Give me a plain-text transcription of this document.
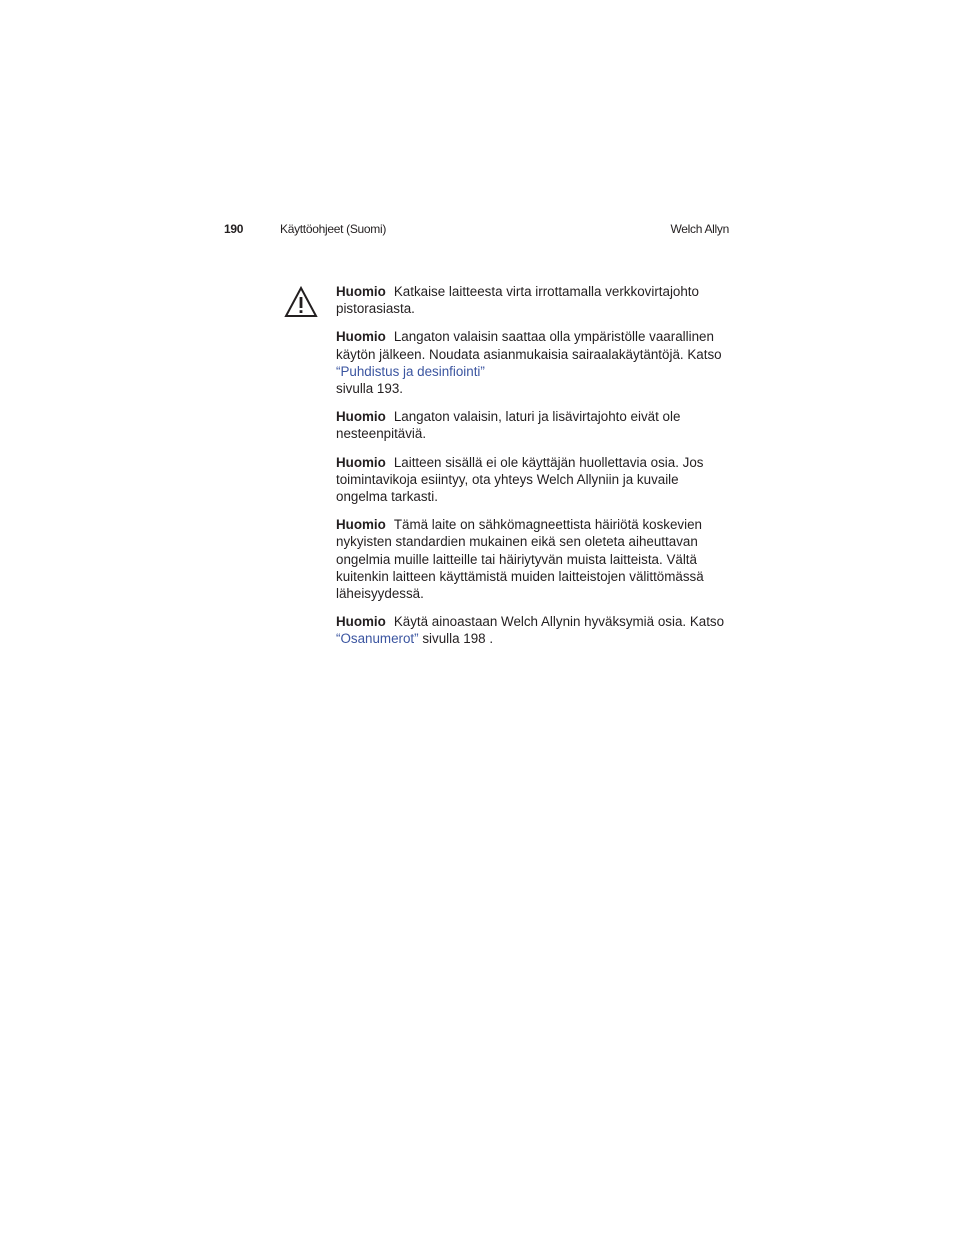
190	Käyttöohjeet (Suomi)	Welch Allyn

Huomio Katkaise laitteesta virta irrottamalla verkkovirtajohto pistorasiasta.

Huomio Langaton valaisin saattaa olla ympäristölle vaarallinen käytön jälkeen. Noudata asianmukaisia sairaalakäytäntöjä. Katso “Puhdistus ja desinfiointi”
sivulla 193.

Huomio Langaton valaisin, laturi ja lisävirtajohto eivät ole nesteenpitäviä.

Huomio Laitteen sisällä ei ole käyttäjän huollettavia osia. Jos toimintavikoja esiintyy, ota yhteys Welch Allyniin ja kuvaile ongelma tarkasti.

Huomio Tämä laite on sähkömagneettista häiriötä koskevien nykyisten standardien mukainen eikä sen oleteta aiheuttavan ongelmia muille laitteille tai häiriytyvän muista laitteista. Vältä kuitenkin laitteen käyttämistä muiden laitteistojen välittömässä läheisyydessä.

Huomio Käytä ainoastaan Welch Allynin hyväksymiä osia. Katso “Osanumerot” sivulla 198 .
